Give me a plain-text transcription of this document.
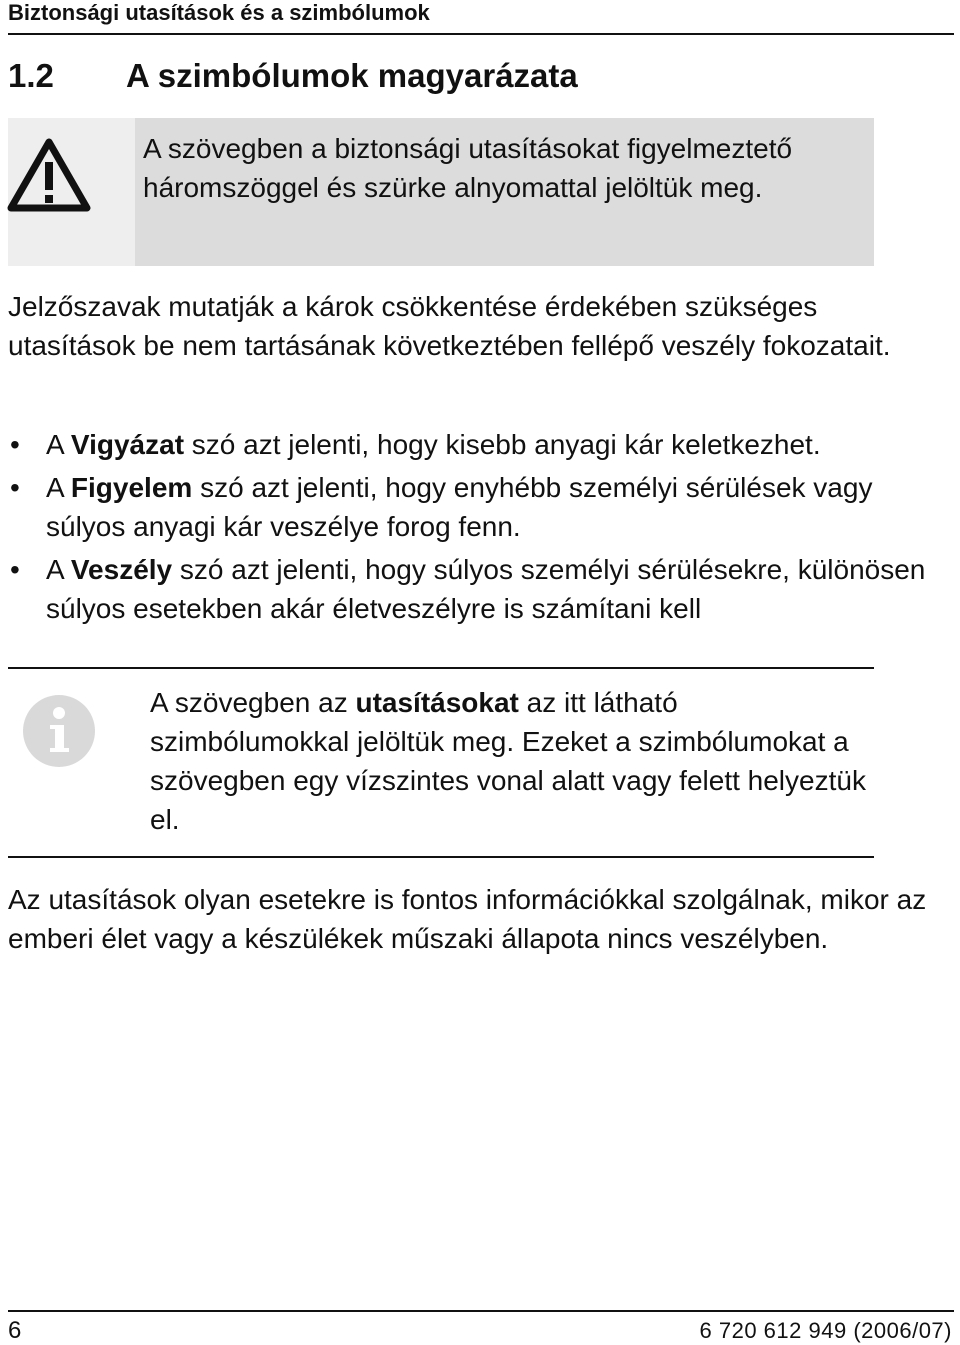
Biztonsági utasítások és a szimbólumok
1.2 A szimbólumok magyarázata
A szövegben a biztonsági utasításokat figyelmeztető háromszöggel és szürke alnyomattal jelöltük meg.

Jelzőszavak mutatják a károk csökkentése érdekében szükséges utasítások be nem tartásának következtében fellépő veszély fokozatait.

• A Vigyázat szó azt jelenti, hogy kisebb anyagi kár keletkezhet.
• A Figyelem szó azt jelenti, hogy enyhébb személyi sérülések vagy súlyos anyagi kár veszélye forog fenn.
• A Veszély szó azt jelenti, hogy súlyos személyi sérülésekre, különösen súlyos esetekben akár életveszélyre is számítani kell
A szövegben az utasításokat az itt látható szimbólumokkal jelöltük meg. Ezeket a szimbólumokat a szövegben egy vízszintes vonal alatt vagy felett helyeztük el.

Az utasítások olyan esetekre is fontos információkkal szolgálnak, mikor az emberi élet vagy a készülékek műszaki állapota nincs veszélyben.

6	6 720 612 949 (2006/07)
